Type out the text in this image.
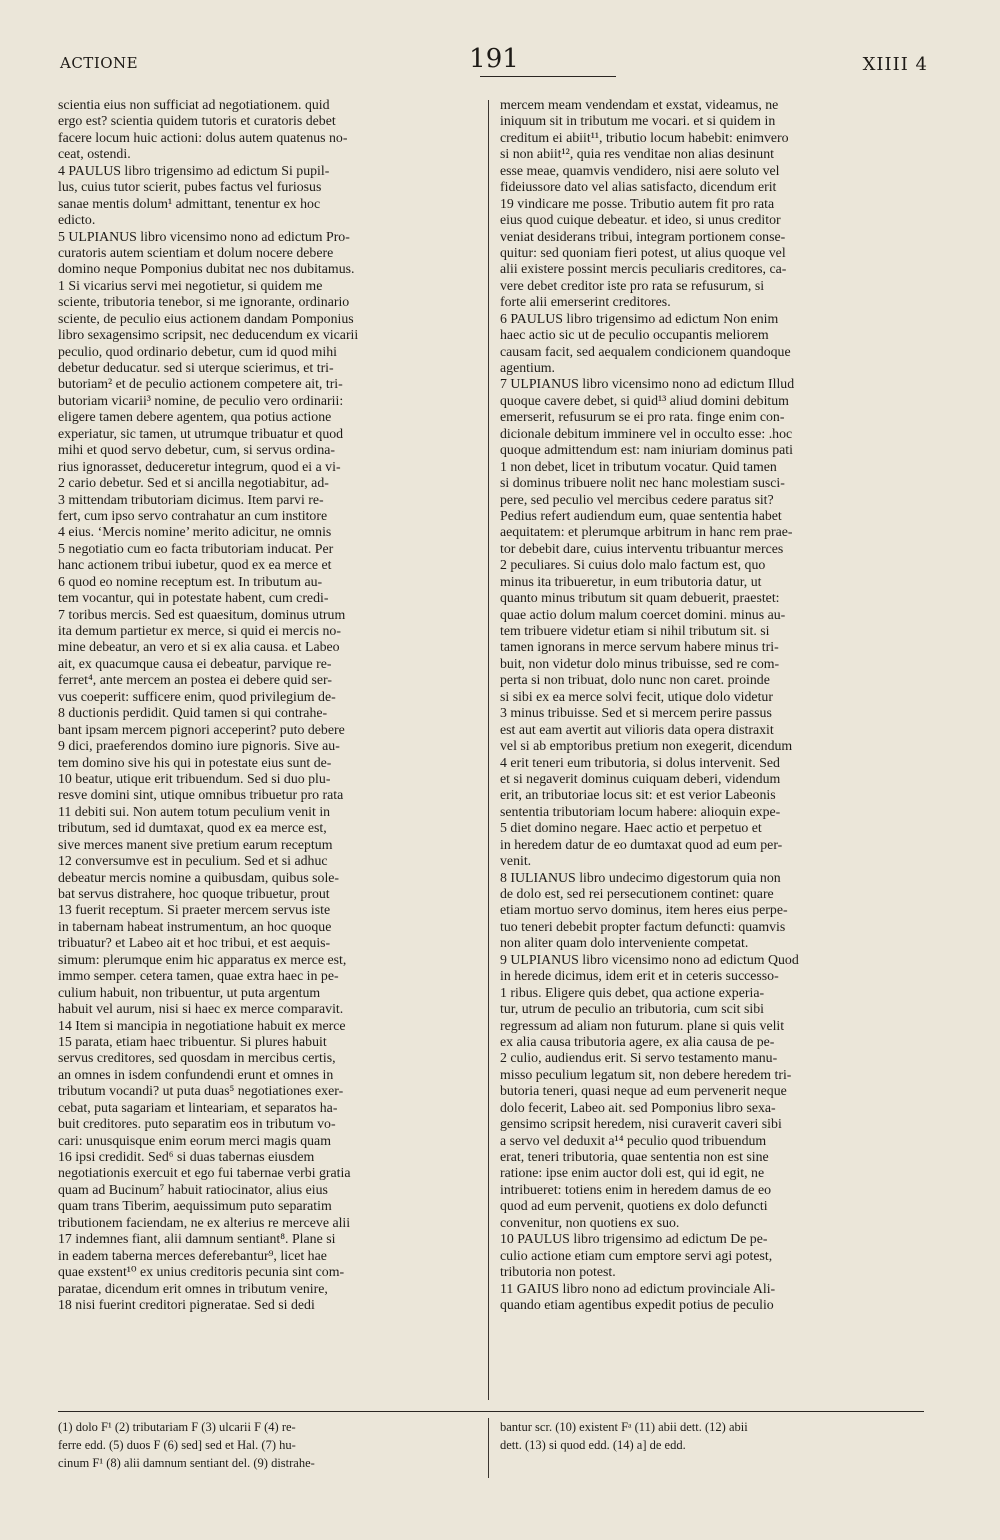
ACTIONE	191	XIIII 4
scientia eius non sufficiat ad negotiationem. quid
ergo est? scientia quidem tutoris et curatoris debet
facere locum huic actioni: dolus autem quatenus no-
ceat, ostendi.
4 PAULUS libro trigensimo ad edictum Si pupil-
lus, cuius tutor scierit, pubes factus vel furiosus
sanae mentis dolum¹ admittant, tenentur ex hoc
edicto.
5 ULPIANUS libro vicensimo nono ad edictum Pro-
curatoris autem scientiam et dolum nocere debere
domino neque Pomponius dubitat nec nos dubitamus.
1 Si vicarius servi mei negotietur, si quidem me
sciente, tributoria tenebor, si me ignorante, ordinario
sciente, de peculio eius actionem dandam Pomponius
libro sexagensimo scripsit, nec deducendum ex vicarii
peculio, quod ordinario debetur, cum id quod mihi
debetur deducatur. sed si uterque scierimus, et tri-
butoriam² et de peculio actionem competere ait, tri-
butoriam vicarii³ nomine, de peculio vero ordinarii:
eligere tamen debere agentem, qua potius actione
experiatur, sic tamen, ut utrumque tribuatur et quod
mihi et quod servo debetur, cum, si servus ordina-
rius ignorasset, deduceretur integrum, quod ei a vi-
2 cario debetur. Sed et si ancilla negotiabitur, ad-
3 mittendam tributoriam dicimus. Item parvi re-
fert, cum ipso servo contrahatur an cum institore
4 eius. ‘Mercis nomine’ merito adicitur, ne omnis
5 negotiatio cum eo facta tributoriam inducat. Per
hanc actionem tribui iubetur, quod ex ea merce et
6 quod eo nomine receptum est. In tributum au-
tem vocantur, qui in potestate habent, cum credi-
7 toribus mercis. Sed est quaesitum, dominus utrum
ita demum partietur ex merce, si quid ei mercis no-
mine debeatur, an vero et si ex alia causa. et Labeo
ait, ex quacumque causa ei debeatur, parvique re-
ferret⁴, ante mercem an postea ei debere quid ser-
vus coeperit: sufficere enim, quod privilegium de-
8 ductionis perdidit. Quid tamen si qui contrahe-
bant ipsam mercem pignori acceperint? puto debere
9 dici, praeferendos domino iure pignoris. Sive au-
tem domino sive his qui in potestate eius sunt de-
10 beatur, utique erit tribuendum. Sed si duo plu-
resve domini sint, utique omnibus tribuetur pro rata
11 debiti sui. Non autem totum peculium venit in
tributum, sed id dumtaxat, quod ex ea merce est,
sive merces manent sive pretium earum receptum
12 conversumve est in peculium. Sed et si adhuc
debeatur mercis nomine a quibusdam, quibus sole-
bat servus distrahere, hoc quoque tribuetur, prout
13 fuerit receptum. Si praeter mercem servus iste
in tabernam habeat instrumentum, an hoc quoque
tribuatur? et Labeo ait et hoc tribui, et est aequis-
simum: plerumque enim hic apparatus ex merce est,
immo semper. cetera tamen, quae extra haec in pe-
culium habuit, non tribuentur, ut puta argentum
habuit vel aurum, nisi si haec ex merce comparavit.
14 Item si mancipia in negotiatione habuit ex merce
15 parata, etiam haec tribuentur. Si plures habuit
servus creditores, sed quosdam in mercibus certis,
an omnes in isdem confundendi erunt et omnes in
tributum vocandi? ut puta duas⁵ negotiationes exer-
cebat, puta sagariam et lintеariam, et separatos ha-
buit creditores. puto separatim eos in tributum vo-
cari: unusquisque enim eorum merci magis quam
16 ipsi credidit. Sed⁶ si duas tabernas eiusdem
negotiationis exercuit et ego fui tabernae verbi gratia
quam ad Bucinum⁷ habuit ratiocinator, alius eius
quam trans Tiberim, aequissimum puto separatim
tributionem faciendam, ne ex alterius re merceve alii
17 indemnes fiant, alii damnum sentiant⁸. Plane si
in eadem taberna merces deferebantur⁹, licet hae
quae exstent¹⁰ ex unius creditoris pecunia sint com-
paratae, dicendum erit omnes in tributum venire,
18 nisi fuerint creditori pigneratae. Sed si dedi
mercem meam vendendam et exstat, videamus, ne
iniquum sit in tributum me vocari. et si quidem in
creditum ei abiit¹¹, tributio locum habebit: enimvero
si non abiit¹², quia res venditae non alias desinunt
esse meae, quamvis vendidero, nisi aere soluto vel
fideiussore dato vel alias satisfacto, dicendum erit
19 vindicare me posse. Tributio autem fit pro rata
eius quod cuique debeatur. et ideo, si unus creditor
veniat desiderans tribui, integram portionem conse-
quitur: sed quoniam fieri potest, ut alius quoque vel
alii existere possint mercis peculiaris creditores, ca-
vere debet creditor iste pro rata se refusurum, si
forte alii emerserint creditores.
6 PAULUS libro trigensimo ad edictum Non enim
haec actio sic ut de peculio occupantis meliorem
causam facit, sed aequalem condicionem quandoque
agentium.
7 ULPIANUS libro vicensimo nono ad edictum Illud
quoque cavere debet, si quid¹³ aliud domini debitum
emerserit, refusurum se ei pro rata. finge enim con-
dicionale debitum imminere vel in occulto esse: .hoc
quoque admittendum est: nam iniuriam dominus pati
1 non debet, licet in tributum vocatur. Quid tamen
si dominus tribuere nolit nec hanc molestiam susci-
pere, sed peculio vel mercibus cedere paratus sit?
Pedius refert audiendum eum, quae sententia habet
aequitatem: et plerumque arbitrum in hanc rem prae-
tor debebit dare, cuius interventu tribuantur merces
2 peculiares. Si cuius dolo malo factum est, quo
minus ita tribueretur, in eum tributoria datur, ut
quanto minus tributum sit quam debuerit, praestet:
quae actio dolum malum coercet domini. minus au-
tem tribuere videtur etiam si nihil tributum sit. si
tamen ignorans in merce servum habere minus tri-
buit, non videtur dolo minus tribuisse, sed re com-
perta si non tribuat, dolo nunc non caret. proinde
si sibi ex ea merce solvi fecit, utique dolo videtur
3 minus tribuisse. Sed et si mercem perire passus
est aut eam avertit aut vilioris data opera distraxit
vel si ab emptoribus pretium non exegerit, dicendum
4 erit teneri eum tributoria, si dolus intervenit. Sed
et si negaverit dominus cuiquam deberi, videndum
erit, an tributoriae locus sit: et est verior Labeonis
sententia tributoriam locum habere: alioquin expe-
5 diet domino negare. Haec actio et perpetuo et
in heredem datur de eo dumtaxat quod ad eum per-
venit.
8 IULIANUS libro undecimo digestorum quia non
de dolo est, sed rei persecutionem continet: quare
etiam mortuo servo dominus, item heres eius perpe-
tuo teneri debebit propter factum defuncti: quamvis
non aliter quam dolo interveniente competat.
9 ULPIANUS libro vicensimo nono ad edictum Quod
in herede dicimus, idem erit et in ceteris successo-
1 ribus. Eligere quis debet, qua actione experia-
tur, utrum de peculio an tributoria, cum scit sibi
regressum ad aliam non futurum. plane si quis velit
ex alia causa tributoria agere, ex alia causa de pe-
2 culio, audiendus erit. Si servo testamento manu-
misso peculium legatum sit, non debere heredem tri-
butoria teneri, quasi neque ad eum pervenerit neque
dolo fecerit, Labeo ait. sed Pomponius libro sexa-
gensimo scripsit heredem, nisi curaverit caveri sibi
a servo vel deduxit a¹⁴ peculio quod tribuendum
erat, teneri tributoria, quae sententia non est sine
ratione: ipse enim auctor doli est, qui id egit, ne
intribueret: totiens enim in heredem damus de eo
quod ad eum pervenit, quotiens ex dolo defuncti
convenitur, non quotiens ex suo.
10 PAULUS libro trigensimo ad edictum De pe-
culio actione etiam cum emptore servi agi potest,
tributoria non potest.
11 GAIUS libro nono ad edictum provinciale Ali-
quando etiam agentibus expedit potius de peculio
(1) dolo F¹ (2) tributariam F (3) ulcarii F (4) re-
ferre edd. (5) duos F (6) sed] sed et Hal. (7) hu-
cinum F¹ (8) alii damnum sentiant del. (9) distrahe-
bantur scr. (10) existent Fᵃ (11) abii dett. (12) abii
dett. (13) si quod edd. (14) a] de edd.
